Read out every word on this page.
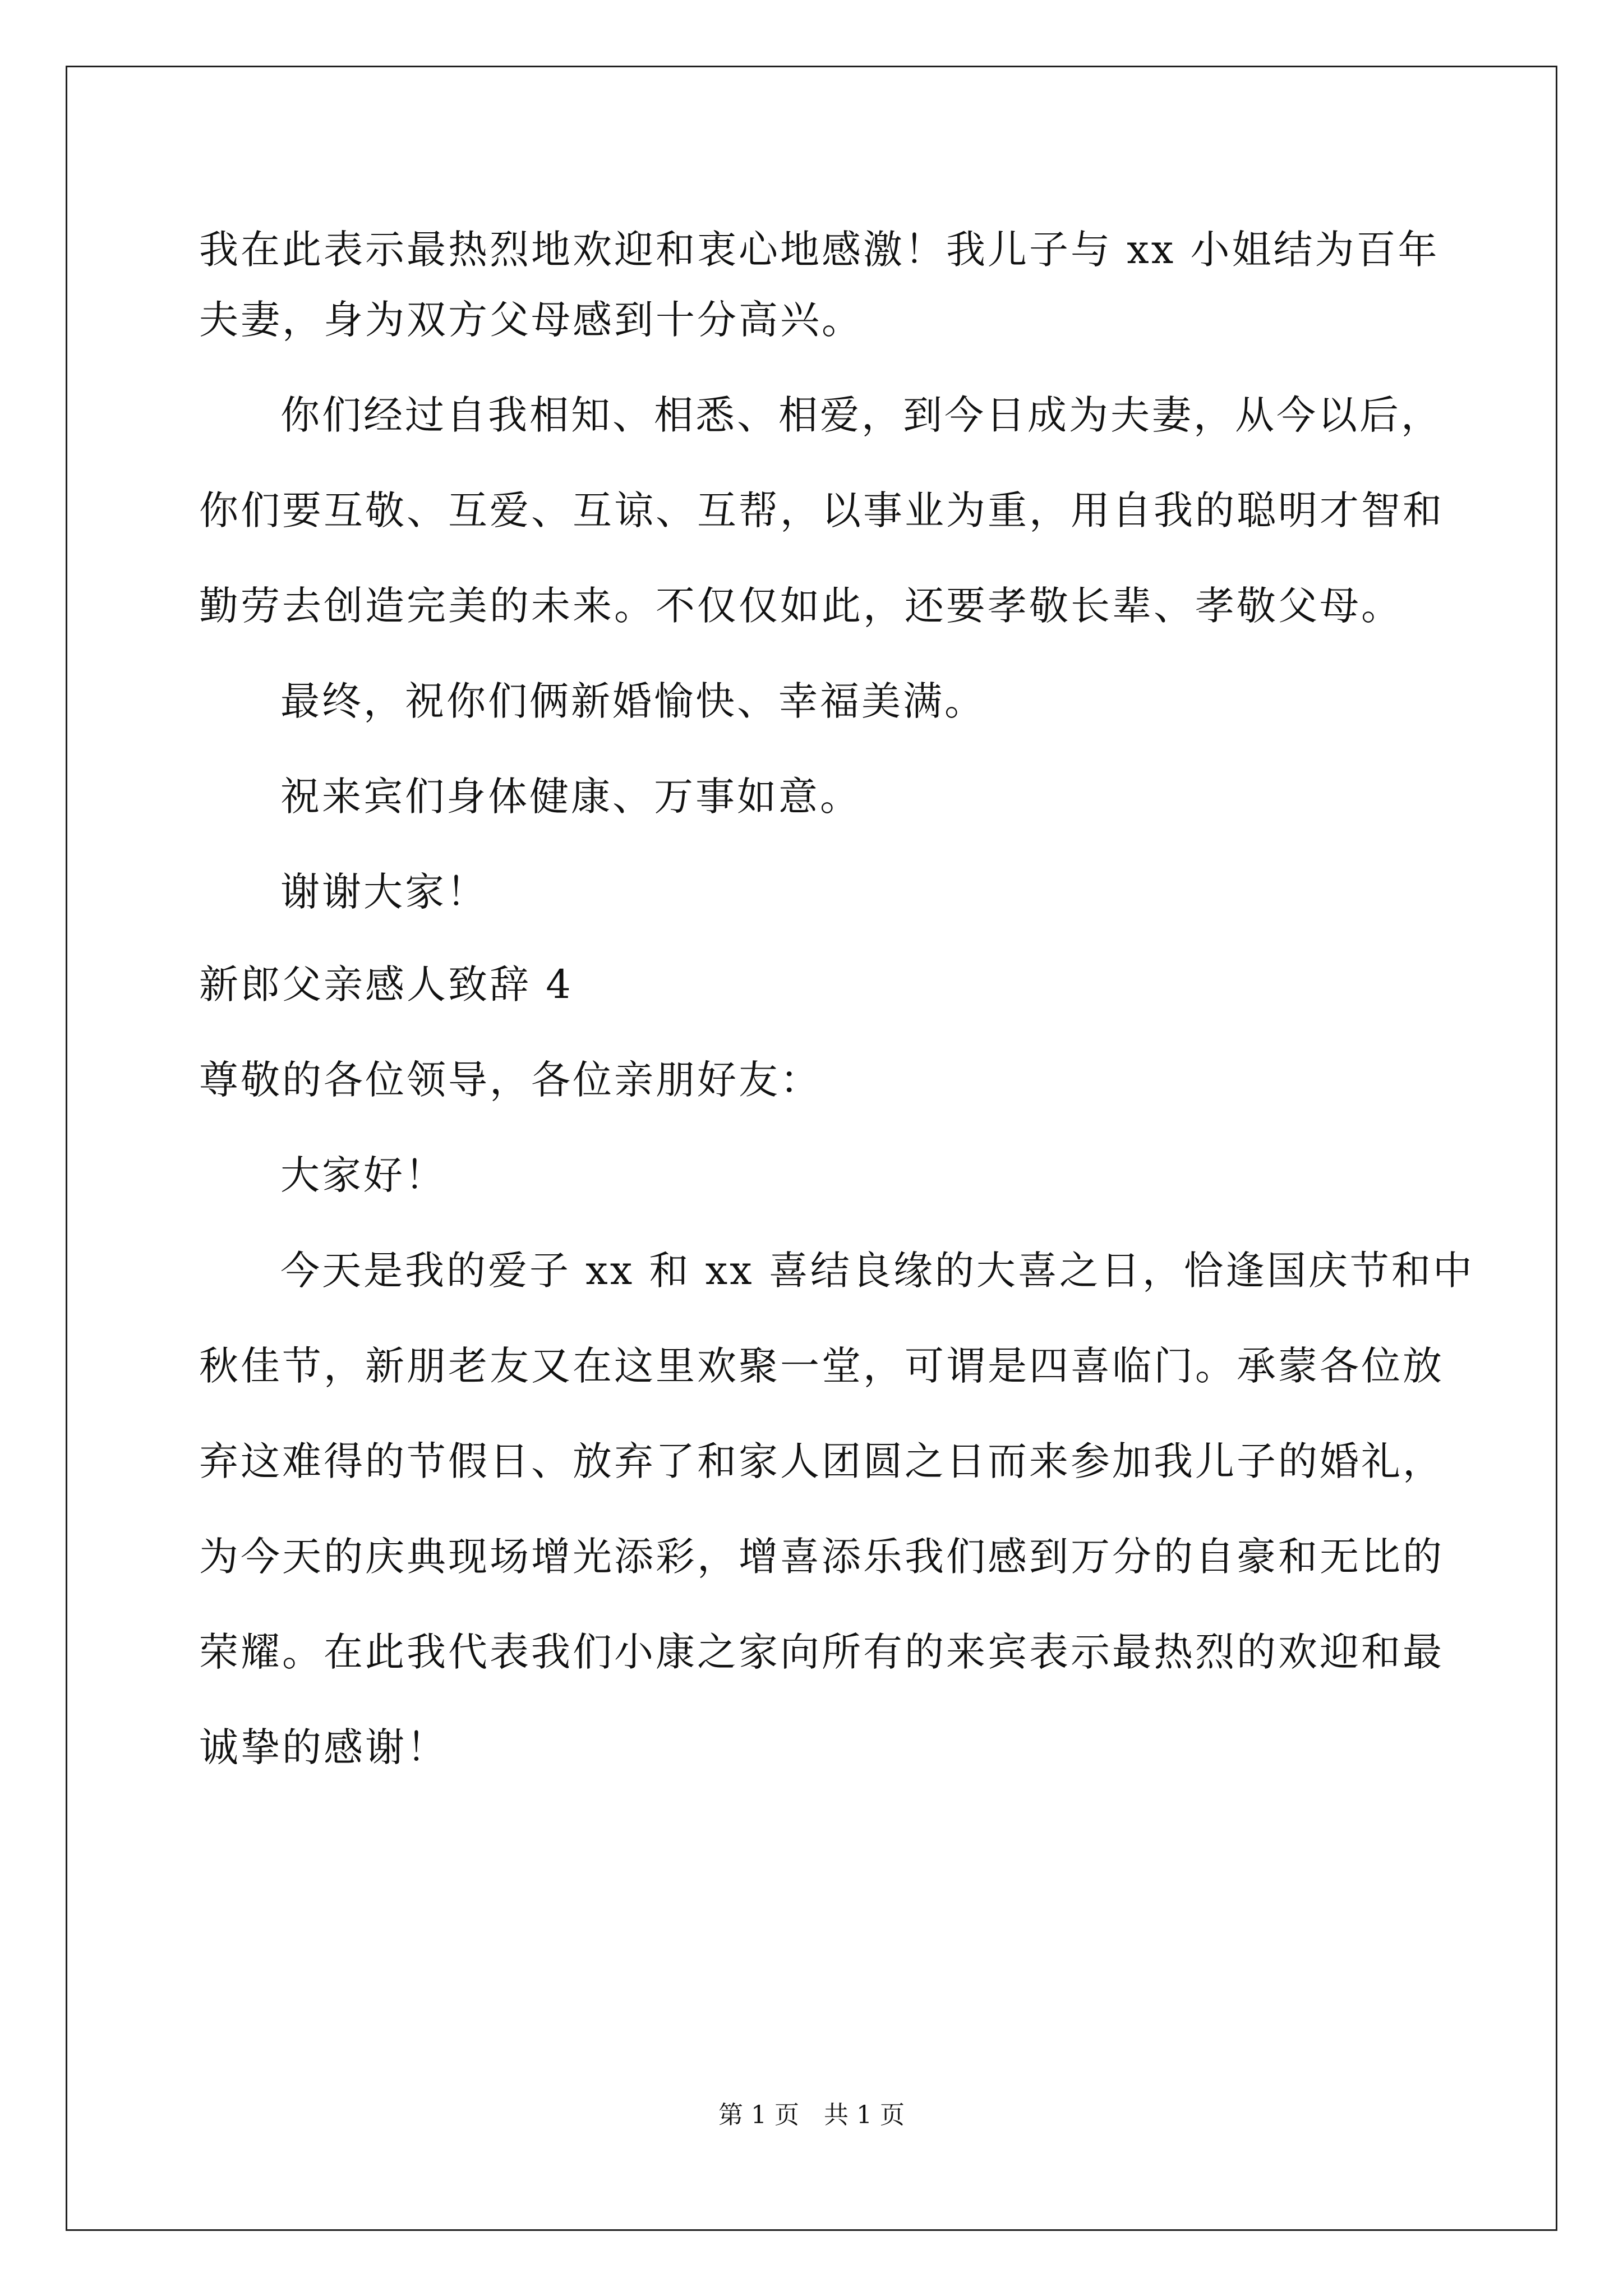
我在此表示最热烈地欢迎和衷心地感激！我儿子与 xx 小姐结为百年
夫妻，身为双方父母感到十分高兴。
你们经过自我相知、相悉、相爱，到今日成为夫妻，从今以后，
你们要互敬、互爱、互谅、互帮，以事业为重，用自我的聪明才智和
勤劳去创造完美的未来。不仅仅如此，还要孝敬长辈、孝敬父母。
最终，祝你们俩新婚愉快、幸福美满。
祝来宾们身体健康、万事如意。
谢谢大家！
新郎父亲感人致辞 4
尊敬的各位领导，各位亲朋好友：
大家好！
今天是我的爱子 xx 和 xx 喜结良缘的大喜之日，恰逢国庆节和中
秋佳节，新朋老友又在这里欢聚一堂，可谓是四喜临门。承蒙各位放
弃这难得的节假日、放弃了和家人团圆之日而来参加我儿子的婚礼，
为今天的庆典现场增光添彩，增喜添乐我们感到万分的自豪和无比的
荣耀。在此我代表我们小康之家向所有的来宾表示最热烈的欢迎和最
诚挚的感谢！
第 1 页　共 1 页
